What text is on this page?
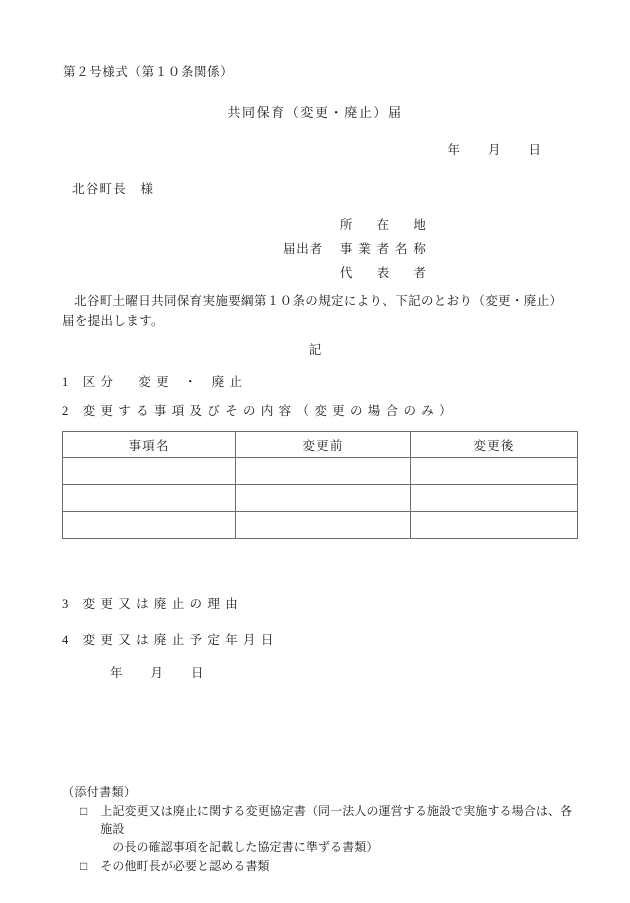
第２号様式（第１０条関係）
共同保育（変更・廃止）届
年　　月　　日
北谷町長　様
届出者
所 在 地
事 業 者 名 称
代 表 者
北谷町土曜日共同保育実施要綱第１０条の規定により、下記のとおり（変更・廃止）届を提出します。
記
1 区 分 変 更 ・ 廃 止
2 変 更 す る 事 項 及 び そ の 内 容 （ 変 更 の 場 合 の み ）
事項名	変更前	変更後

3 変 更 又 は 廃 止 の 理 由
4 変 更 又 は 廃 止 予 定 年 月 日
年　　月　　日
（添付書類）
□ 上記変更又は廃止に関する変更協定書（同一法人の運営する施設で実施する場合は、各施設
の長の確認事項を記載した協定書に準ずる書類）
□ その他町長が必要と認める書類
